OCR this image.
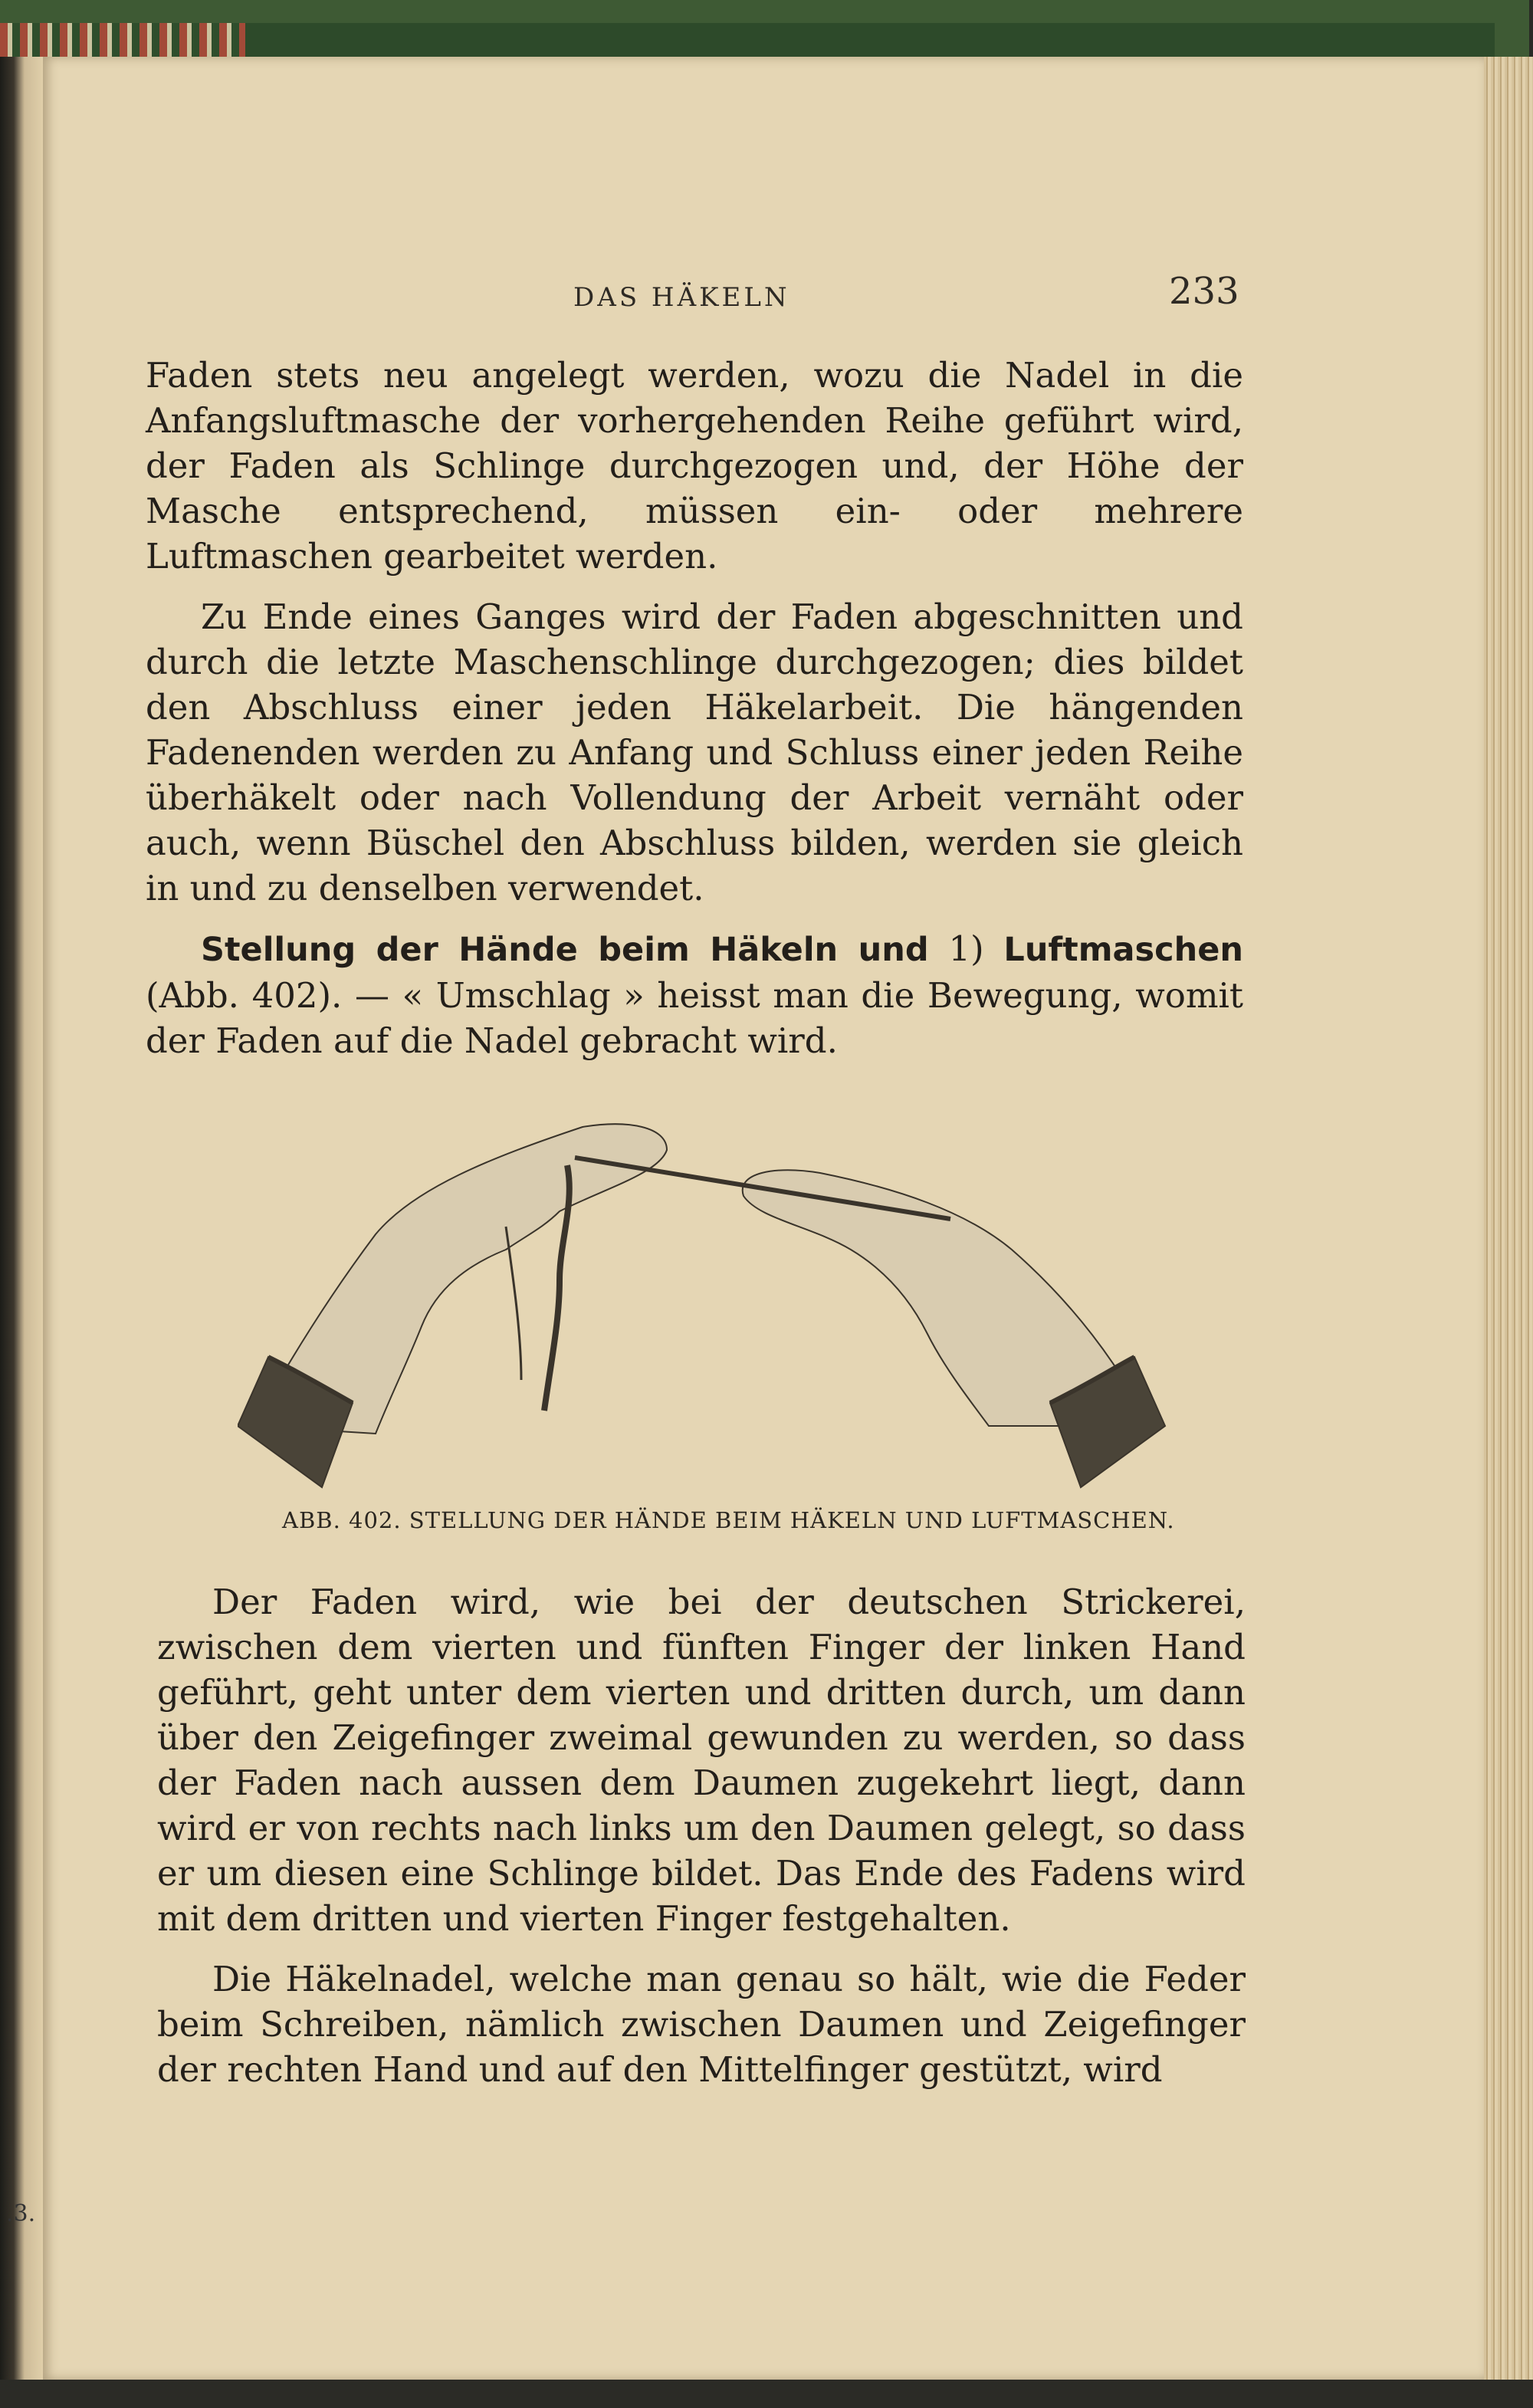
.3.
DAS HÄKELN	233

Faden stets neu angelegt werden, wozu die Nadel in die Anfangsluftmasche der vorhergehenden Reihe geführt wird, der Faden als Schlinge durchgezogen und, der Höhe der Masche entsprechend, müssen ein- oder mehrere Luftmaschen gearbeitet werden.

Zu Ende eines Ganges wird der Faden abgeschnitten und durch die letzte Maschenschlinge durchgezogen; dies bildet den Abschluss einer jeden Häkelarbeit. Die hängenden Fadenenden werden zu Anfang und Schluss einer jeden Reihe überhäkelt oder nach Vollendung der Arbeit vernäht oder auch, wenn Büschel den Abschluss bilden, werden sie gleich in und zu denselben verwendet.

Stellung der Hände beim Häkeln und 1) Luftmaschen (Abb. 402). — « Umschlag » heisst man die Bewegung, womit der Faden auf die Nadel gebracht wird.

ABB. 402. STELLUNG DER HÄNDE BEIM HÄKELN UND LUFTMASCHEN.

Der Faden wird, wie bei der deutschen Strickerei, zwischen dem vierten und fünften Finger der linken Hand geführt, geht unter dem vierten und dritten durch, um dann über den Zeigefinger zweimal gewunden zu werden, so dass der Faden nach aussen dem Daumen zugekehrt liegt, dann wird er von rechts nach links um den Daumen gelegt, so dass er um diesen eine Schlinge bildet. Das Ende des Fadens wird mit dem dritten und vierten Finger festgehalten.

Die Häkelnadel, welche man genau so hält, wie die Feder beim Schreiben, nämlich zwischen Daumen und Zeigefinger der rechten Hand und auf den Mittelfinger gestützt, wird
